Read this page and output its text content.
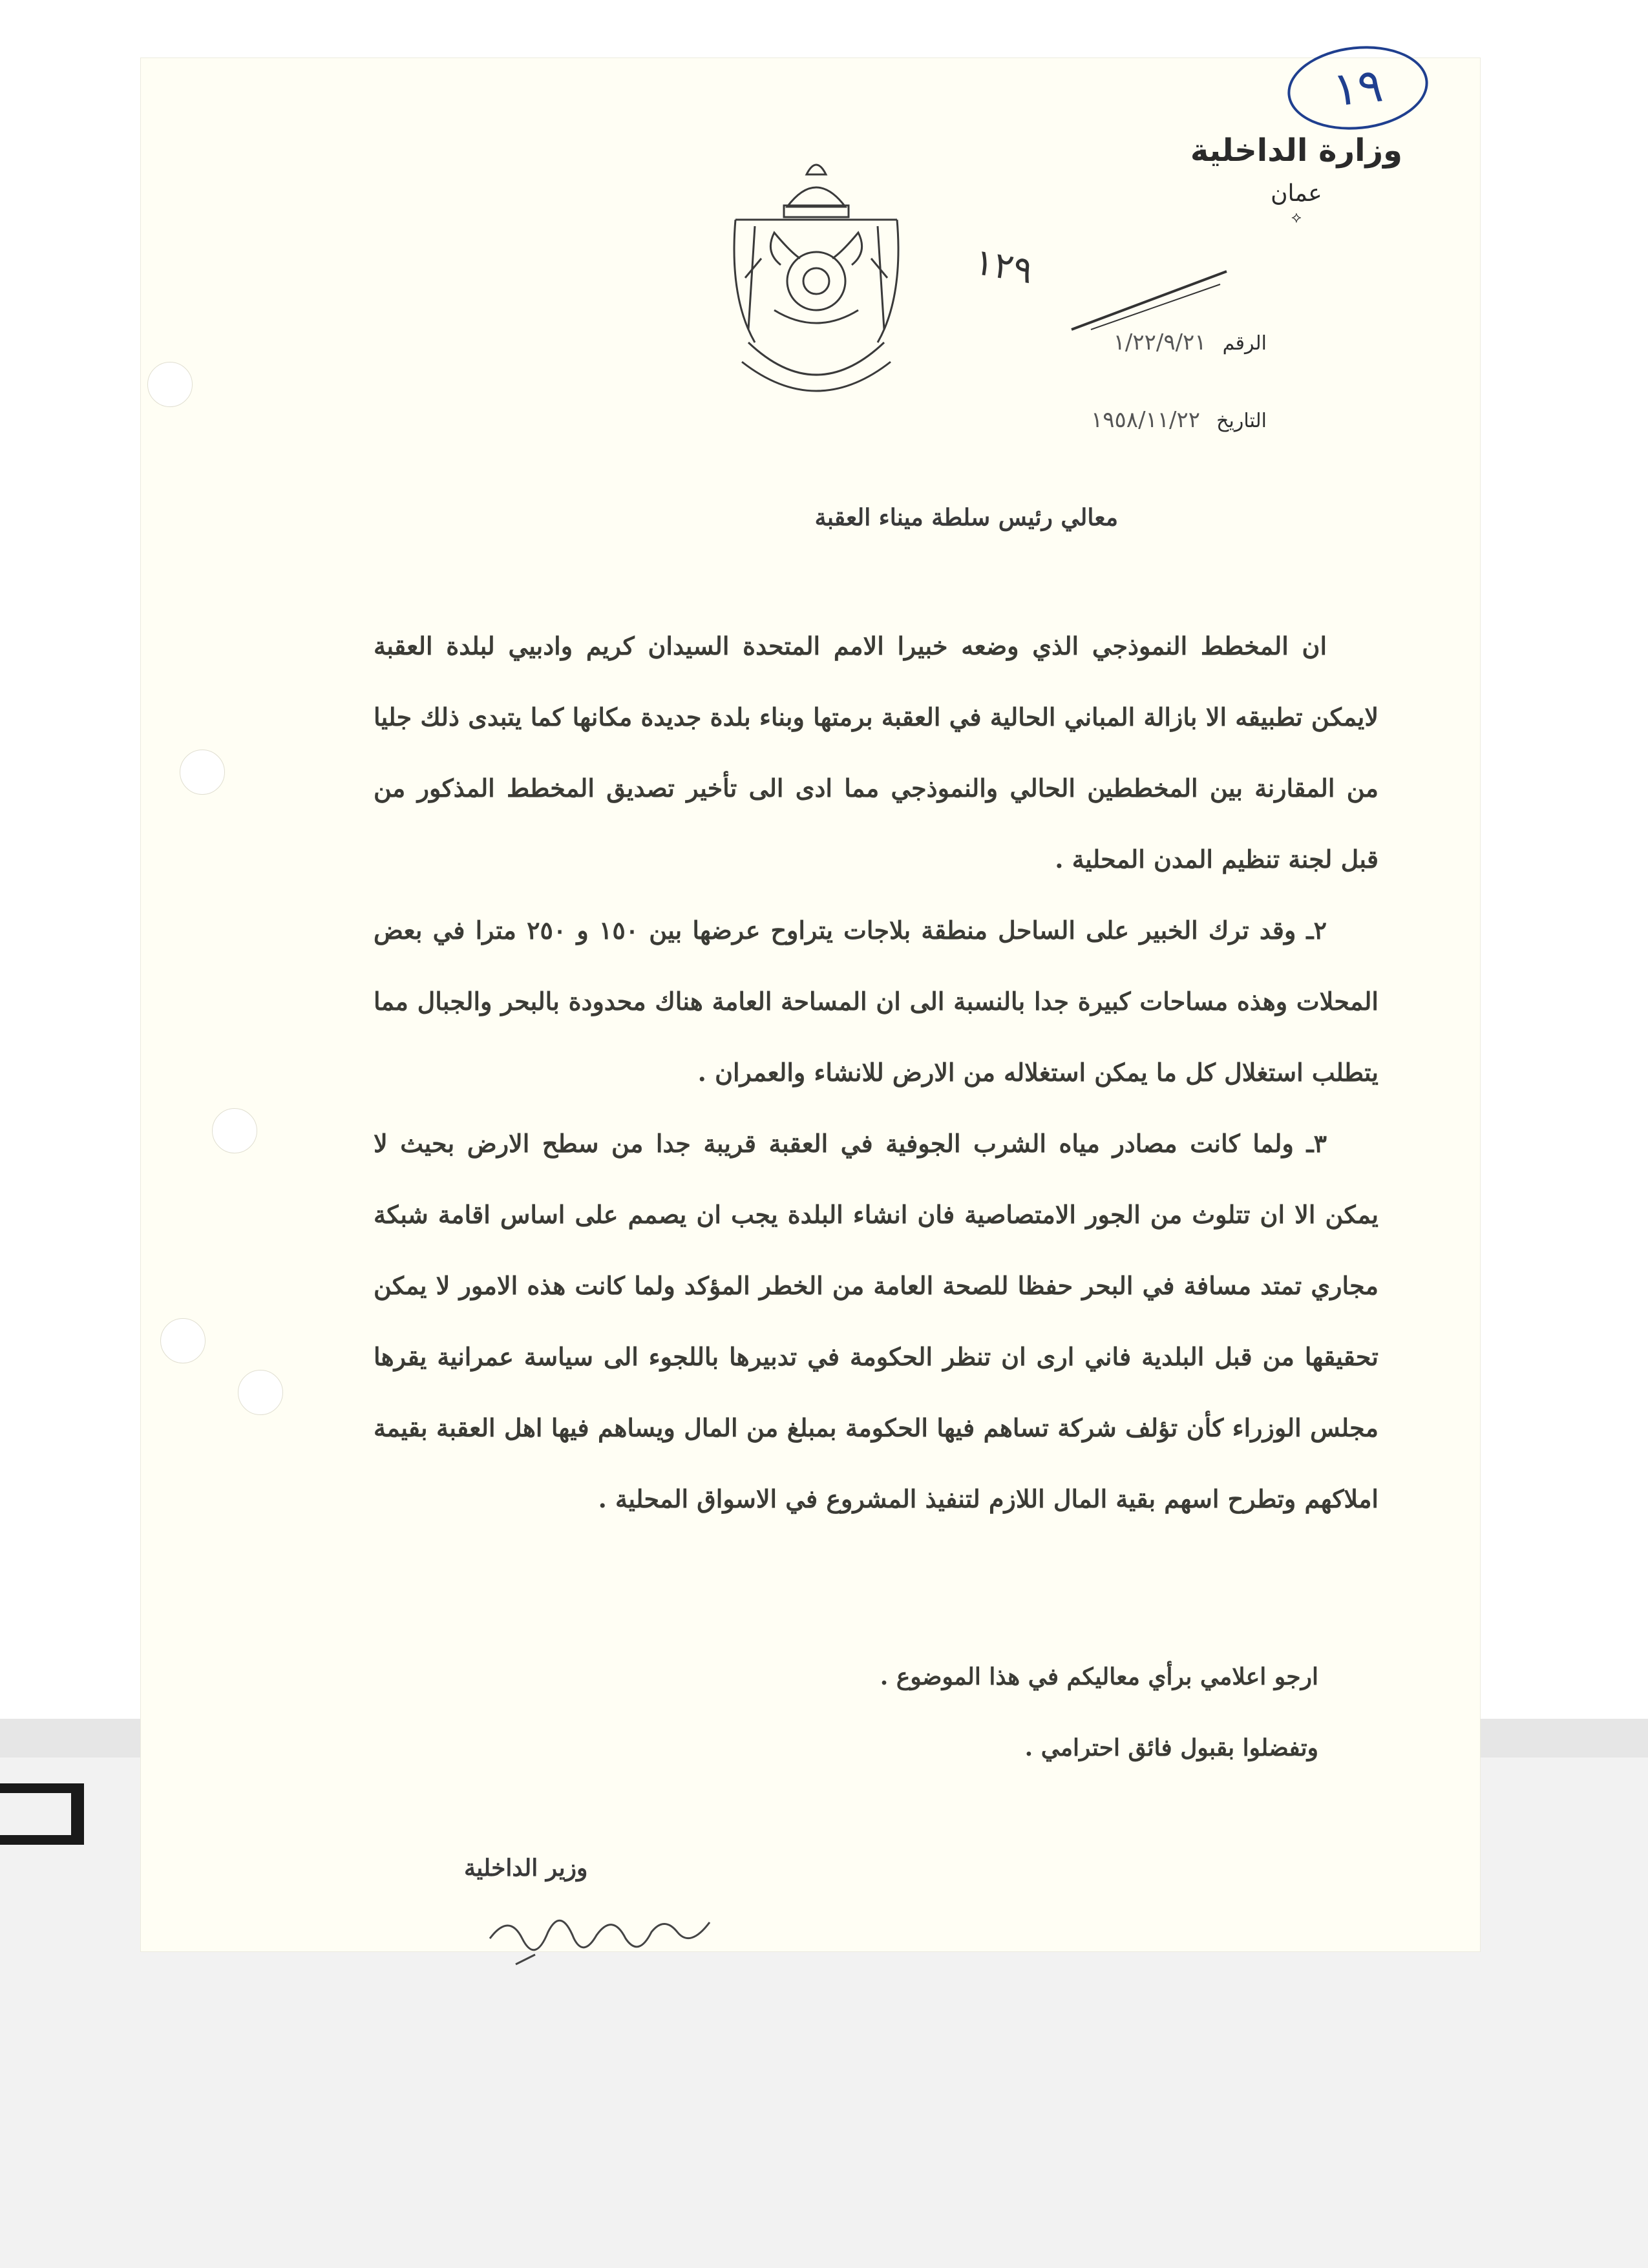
١٩
١٢٩
وزارة الداخلية
عمان
⟡
الرقم ١/٢٢/٩/٢١
التاريخ ١٩٥٨/١١/٢٢
معالي رئيس سلطة ميناء العقبة

ان المخطط النموذجي الذي وضعه خبيرا الامم المتحدة السيدان كريم وادبيي لبلدة العقبة لايمكن تطبيقه الا بازالة المباني الحالية في العقبة برمتها وبناء بلدة جديدة مكانها كما يتبدى ذلك جليا من المقارنة بين المخططين الحالي والنموذجي مما ادى الى تأخير تصديق المخطط المذكور من قبل لجنة تنظيم المدن المحلية .

٢ـ وقد ترك الخبير على الساحل منطقة بلاجات يتراوح عرضها بين ١٥٠ و ٢٥٠ مترا في بعض المحلات وهذه مساحات كبيرة جدا بالنسبة الى ان المساحة العامة هناك محدودة بالبحر والجبال مما يتطلب استغلال كل ما يمكن استغلاله من الارض للانشاء والعمران .

٣ـ ولما كانت مصادر مياه الشرب الجوفية في العقبة قريبة جدا من سطح الارض بحيث لا يمكن الا ان تتلوث من الجور الامتصاصية فان انشاء البلدة يجب ان يصمم على اساس اقامة شبكة مجاري تمتد مسافة في البحر حفظا للصحة العامة من الخطر المؤكد ولما كانت هذه الامور لا يمكن تحقيقها من قبل البلدية فاني ارى ان تنظر الحكومة في تدبيرها باللجوء الى سياسة عمرانية يقرها مجلس الوزراء كأن تؤلف شركة تساهم فيها الحكومة بمبلغ من المال ويساهم فيها اهل العقبة بقيمة املاكهم وتطرح اسهم بقية المال اللازم لتنفيذ المشروع في الاسواق المحلية .

ارجو اعلامي برأي معاليكم في هذا الموضوع .
وتفضلوا بقبول فائق احترامي .
وزير الداخلية
